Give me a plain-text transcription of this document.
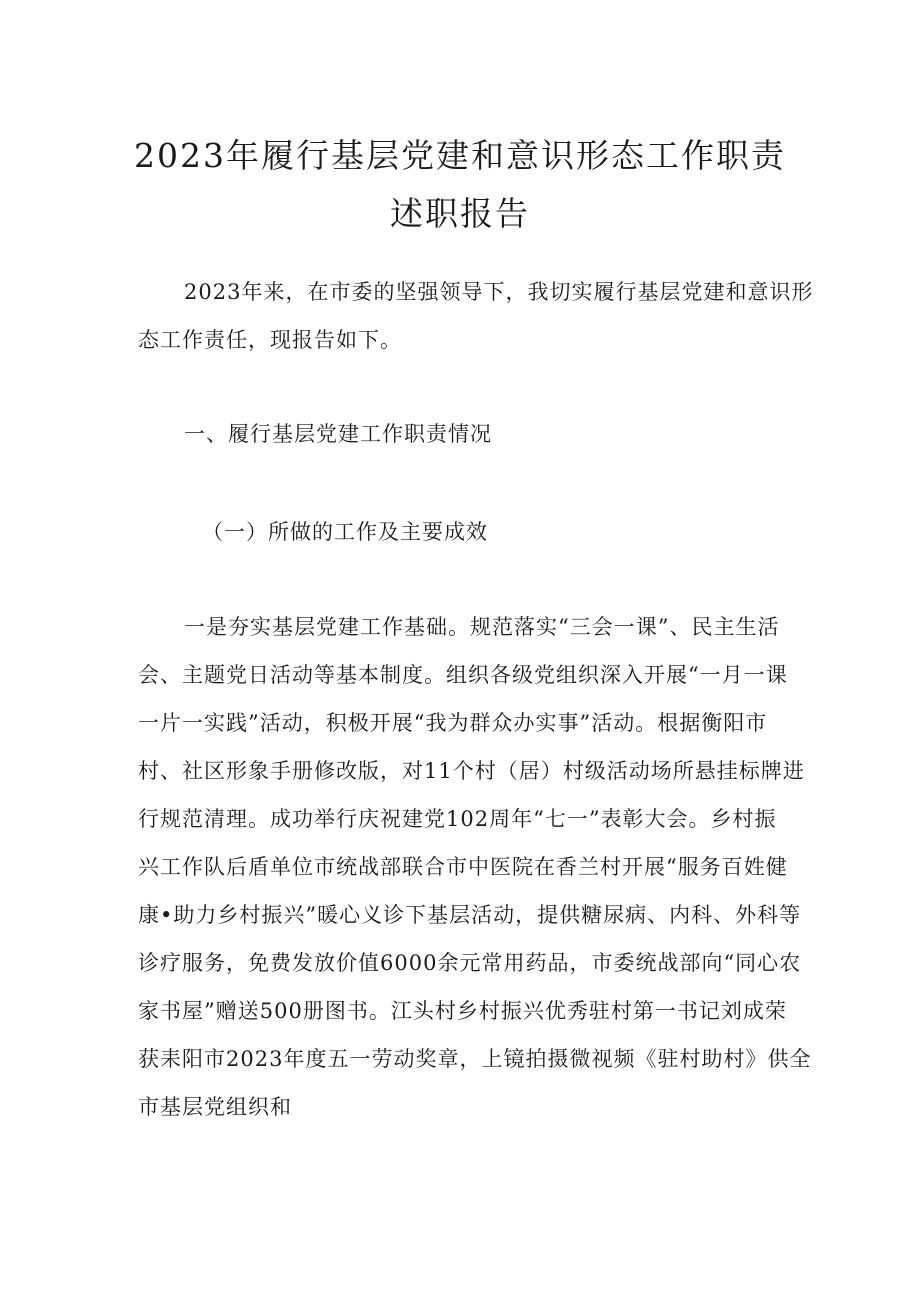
2023年履行基层党建和意识形态工作职责
述职报告
2023年来，在市委的坚强领导下，我切实履行基层党建和意识形
态工作责任，现报告如下。
一、履行基层党建工作职责情况
（一）所做的工作及主要成效
一是夯实基层党建工作基础。规范落实“三会一课”、民主生活
会、主题党日活动等基本制度。组织各级党组织深入开展“一月一课
一片一实践”活动，积极开展“我为群众办实事”活动。根据衡阳市
村、社区形象手册修改版，对11个村（居）村级活动场所悬挂标牌进
行规范清理。成功举行庆祝建党102周年“七一”表彰大会。乡村振
兴工作队后盾单位市统战部联合市中医院在香兰村开展“服务百姓健
康•助力乡村振兴”暖心义诊下基层活动，提供糖尿病、内科、外科等
诊疗服务，免费发放价值6000余元常用药品，市委统战部向“同心农
家书屋”赠送500册图书。江头村乡村振兴优秀驻村第一书记刘成荣
获耒阳市2023年度五一劳动奖章，上镜拍摄微视频《驻村助村》供全
市基层党组织和
